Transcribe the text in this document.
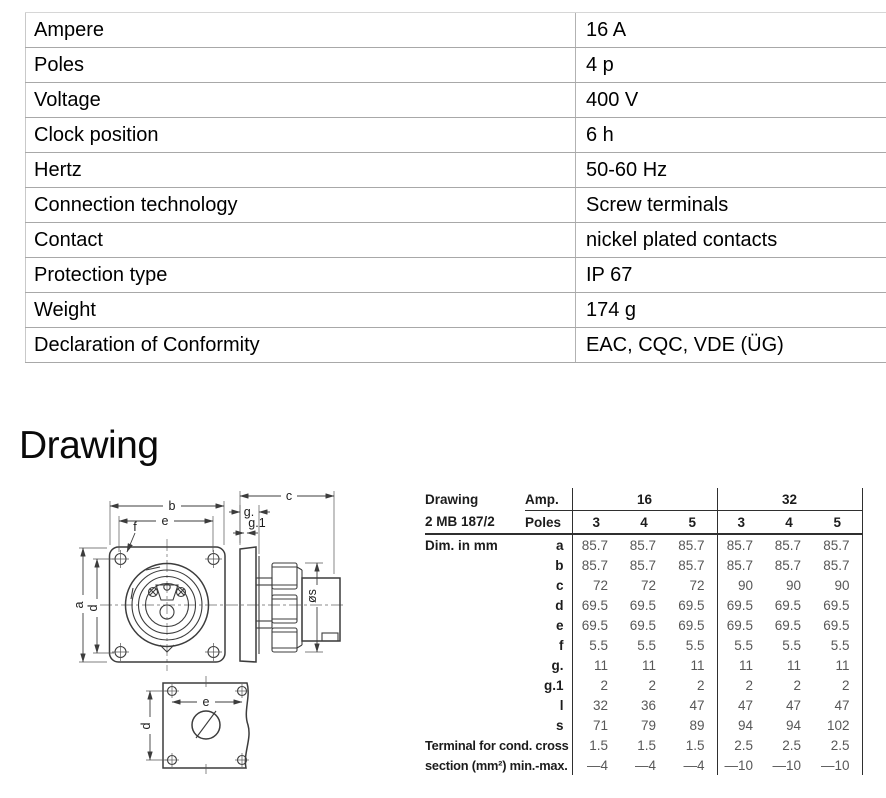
Ampere	16 A
Poles	4 p
Voltage	400 V
Clock position	6 h
Hertz	50-60 Hz
Connection technology	Screw terminals
Contact	nickel plated contacts
Protection type	IP 67
Weight	174 g
Declaration of Conformity	EAC, CQC, VDE (ÜG)
Drawing
b
e
f
a d
c
g.
g.1
øs
e
d
Drawing	Amp.	16			32		
2 MB 187/2	Poles	3	4	5	3	4	5
Dim. in mm	a	85.7	85.7	85.7	85.7	85.7	85.7
	b	85.7	85.7	85.7	85.7	85.7	85.7
	c	72	72	72	90	90	90
	d	69.5	69.5	69.5	69.5	69.5	69.5
	e	69.5	69.5	69.5	69.5	69.5	69.5
	f	5.5	5.5	5.5	5.5	5.5	5.5
	g.	11	11	11	11	11	11
	g.1	2	2	2	2	2	2
	l	32	36	47	47	47	47
	s	71	79	89	94	94	102
Terminal for cond. cross		1.5	1.5	1.5	2.5	2.5	2.5
section (mm²) min.-max.		—4	—4	—4	—10	—10	—10
